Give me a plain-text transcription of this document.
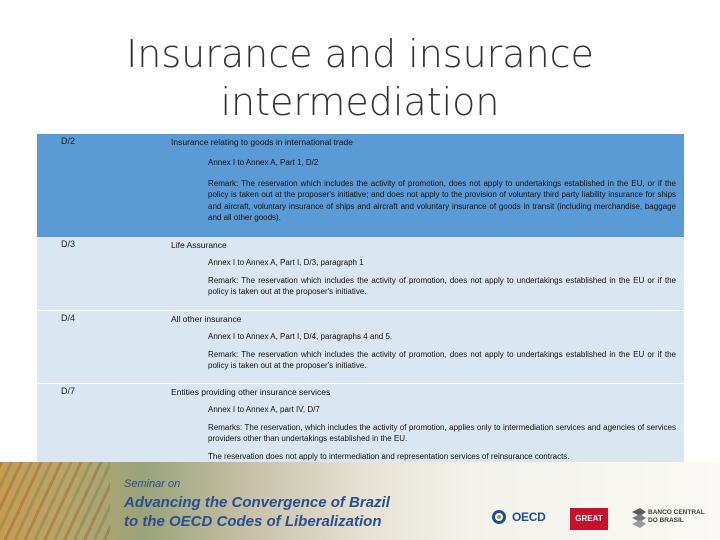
Insurance and insurance intermediation
D/2	Insurance relating to goods in international trade
Annex I to Annex A, Part 1, D/2
Remark: The reservation which includes the activity of promotion, does not apply to undertakings established in the EU, or if the policy is taken out at the proposer's initiative; and does not apply to the provision of voluntary third party liability insurance for ships and aircraft, voluntary insurance of ships and aircraft and voluntary insurance of goods in transit (including merchandise, baggage and all other goods).
D/3	Life Assurance
Annex I to Annex A, Part I, D/3, paragraph 1
Remark: The reservation which includes the activity of promotion, does not apply to undertakings established in the EU or if the policy is taken out at the proposer's initiative.
D/4	All other insurance
Annex I to Annex A, Part I, D/4, paragraphs 4 and 5.
Remark: The reservation which includes the activity of promotion, does not apply to undertakings established in the EU or if the policy is taken out at the proposer's initiative.
D/7	Entities providing other insurance services
Annex I to Annex A, part IV, D/7
Remarks: The reservation, which includes the activity of promotion, applies only to intermediation services and agencies of services providers other than undertakings established in the EU.
The reservation does not apply to intermediation and representation services of reinsurance contracts.
Seminar on
Advancing the Convergence of Brazil
to the OECD Codes of Liberalization	OECD	GREAT
BANCO CENTRAL
DO BRASIL
